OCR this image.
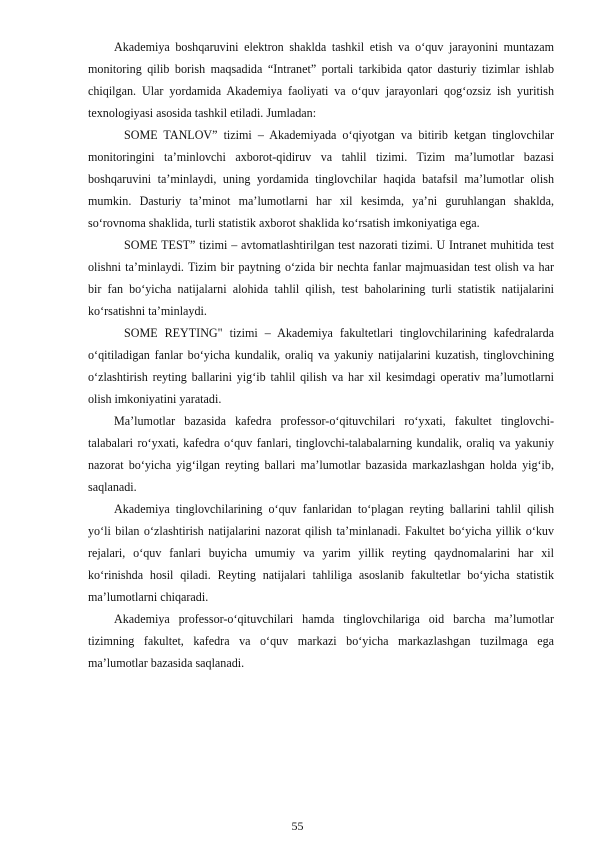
Akademiya boshqaruvini elektron shaklda tashkil etish va o‘quv jarayonini muntazam monitoring qilib borish maqsadida “Intranet” portali tarkibida qator dasturiy tizimlar ishlab chiqilgan. Ular yordamida Akademiya faoliyati va o‘quv jarayonlari qog‘ozsiz ish yuritish texnologiyasi asosida tashkil etiladi. Jumladan:

SOME TANLOV” tizimi – Akademiyada o‘qiyotgan va bitirib ketgan tinglovchilar monitoringini ta’minlovchi axborot-qidiruv va tahlil tizimi. Tizim ma’lumotlar bazasi boshqaruvini ta’minlaydi, uning yordamida tinglovchilar haqida batafsil ma’lumotlar olish mumkin. Dasturiy ta’minot ma’lumotlarni har xil kesimda, ya’ni guruhlangan shaklda, so‘rovnoma shaklida, turli statistik axborot shaklida ko‘rsatish imkoniyatiga ega.

SOME TEST” tizimi – avtomatlashtirilgan test nazorati tizimi. U Intranet muhitida test olishni ta’minlaydi. Tizim bir paytning o‘zida bir nechta fanlar majmuasidan test olish va har bir fan bo‘yicha natijalarni alohida tahlil qilish, test baholarining turli statistik natijalarini ko‘rsatishni ta’minlaydi.

SOME REYTING" tizimi – Akademiya fakultetlari tinglovchilarining kafedralarda o‘qitiladigan fanlar bo‘yicha kundalik, oraliq va yakuniy natijalarini kuzatish, tinglovchining o‘zlashtirish reyting ballarini yig‘ib tahlil qilish va har xil kesimdagi operativ ma’lumotlarni olish imkoniyatini yaratadi.

Ma’lumotlar bazasida kafedra professor-o‘qituvchilari ro‘yxati, fakultet tinglovchi-talabalari ro‘yxati, kafedra o‘quv fanlari, tinglovchi-talabalarning kundalik, oraliq va yakuniy nazorat bo‘yicha yig‘ilgan reyting ballari ma’lumotlar bazasida markazlashgan holda yig‘ib, saqlanadi.

Akademiya tinglovchilarining o‘quv fanlaridan to‘plagan reyting ballarini tahlil qilish yo‘li bilan o‘zlashtirish natijalarini nazorat qilish ta’minlanadi. Fakultet bo‘yicha yillik o‘kuv rejalari, o‘quv fanlari buyicha umumiy va yarim yillik reyting qaydnomalarini har xil ko‘rinishda hosil qiladi. Reyting natijalari tahliliga asoslanib fakultetlar bo‘yicha statistik ma’lumotlarni chiqaradi.

Akademiya professor-o‘qituvchilari hamda tinglovchilariga oid barcha ma’lumotlar tizimning fakultet, kafedra va o‘quv markazi bo‘yicha markazlashgan tuzilmaga ega ma’lumotlar bazasida saqlanadi.

55
